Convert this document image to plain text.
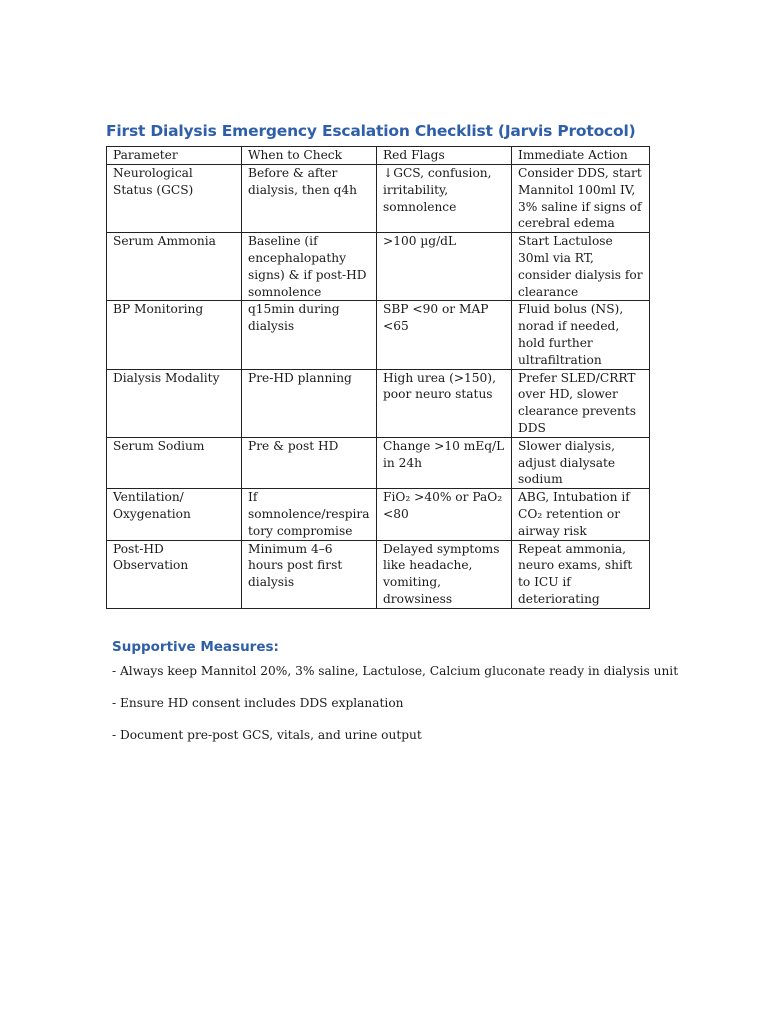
First Dialysis Emergency Escalation Checklist (Jarvis Protocol)
Parameter	When to Check	Red Flags	Immediate Action
Neurological Status (GCS)	Before & after dialysis, then q4h	↓GCS, confusion, irritability, somnolence	Consider DDS, start Mannitol 100ml IV, 3% saline if signs of cerebral edema
Serum Ammonia	Baseline (if encephalopathy signs) & if post-HD somnolence	>100 µg/dL	Start Lactulose 30ml via RT, consider dialysis for clearance
BP Monitoring	q15min during dialysis	SBP <90 or MAP <65	Fluid bolus (NS), norad if needed, hold further ultrafiltration
Dialysis Modality	Pre-HD planning	High urea (>150), poor neuro status	Prefer SLED/CRRT over HD, slower clearance prevents DDS
Serum Sodium	Pre & post HD	Change >10 mEq/L in 24h	Slower dialysis, adjust dialysate sodium
Ventilation/ Oxygenation	If somnolence/respiratory compromise	FiO₂ >40% or PaO₂ <80	ABG, Intubation if CO₂ retention or airway risk
Post-HD Observation	Minimum 4–6 hours post first dialysis	Delayed symptoms like headache, vomiting, drowsiness	Repeat ammonia, neuro exams, shift to ICU if deteriorating
Supportive Measures:

- Always keep Mannitol 20%, 3% saline, Lactulose, Calcium gluconate ready in dialysis unit

- Ensure HD consent includes DDS explanation

- Document pre-post GCS, vitals, and urine output
